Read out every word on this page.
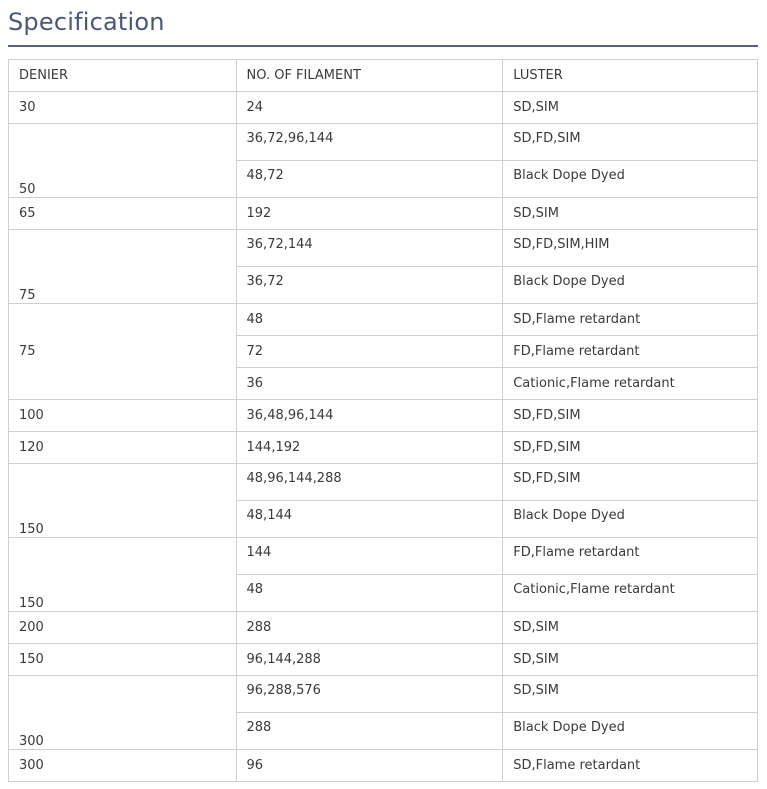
Specification
DENIER	NO. OF FILAMENT	LUSTER
30	24	SD,SIM
50	36,72,96,144	SD,FD,SIM
	48,72	Black Dope Dyed
65	192	SD,SIM
75	36,72,144	SD,FD,SIM,HIM
	36,72	Black Dope Dyed
75	48	SD,Flame retardant
	72	FD,Flame retardant
	36	Cationic,Flame retardant
100	36,48,96,144	SD,FD,SIM
120	144,192	SD,FD,SIM
150	48,96,144,288	SD,FD,SIM
	48,144	Black Dope Dyed
150	144	FD,Flame retardant
	48	Cationic,Flame retardant
200	288	SD,SIM
150	96,144,288	SD,SIM
300	96,288,576	SD,SIM
	288	Black Dope Dyed
300	96	SD,Flame retardant
